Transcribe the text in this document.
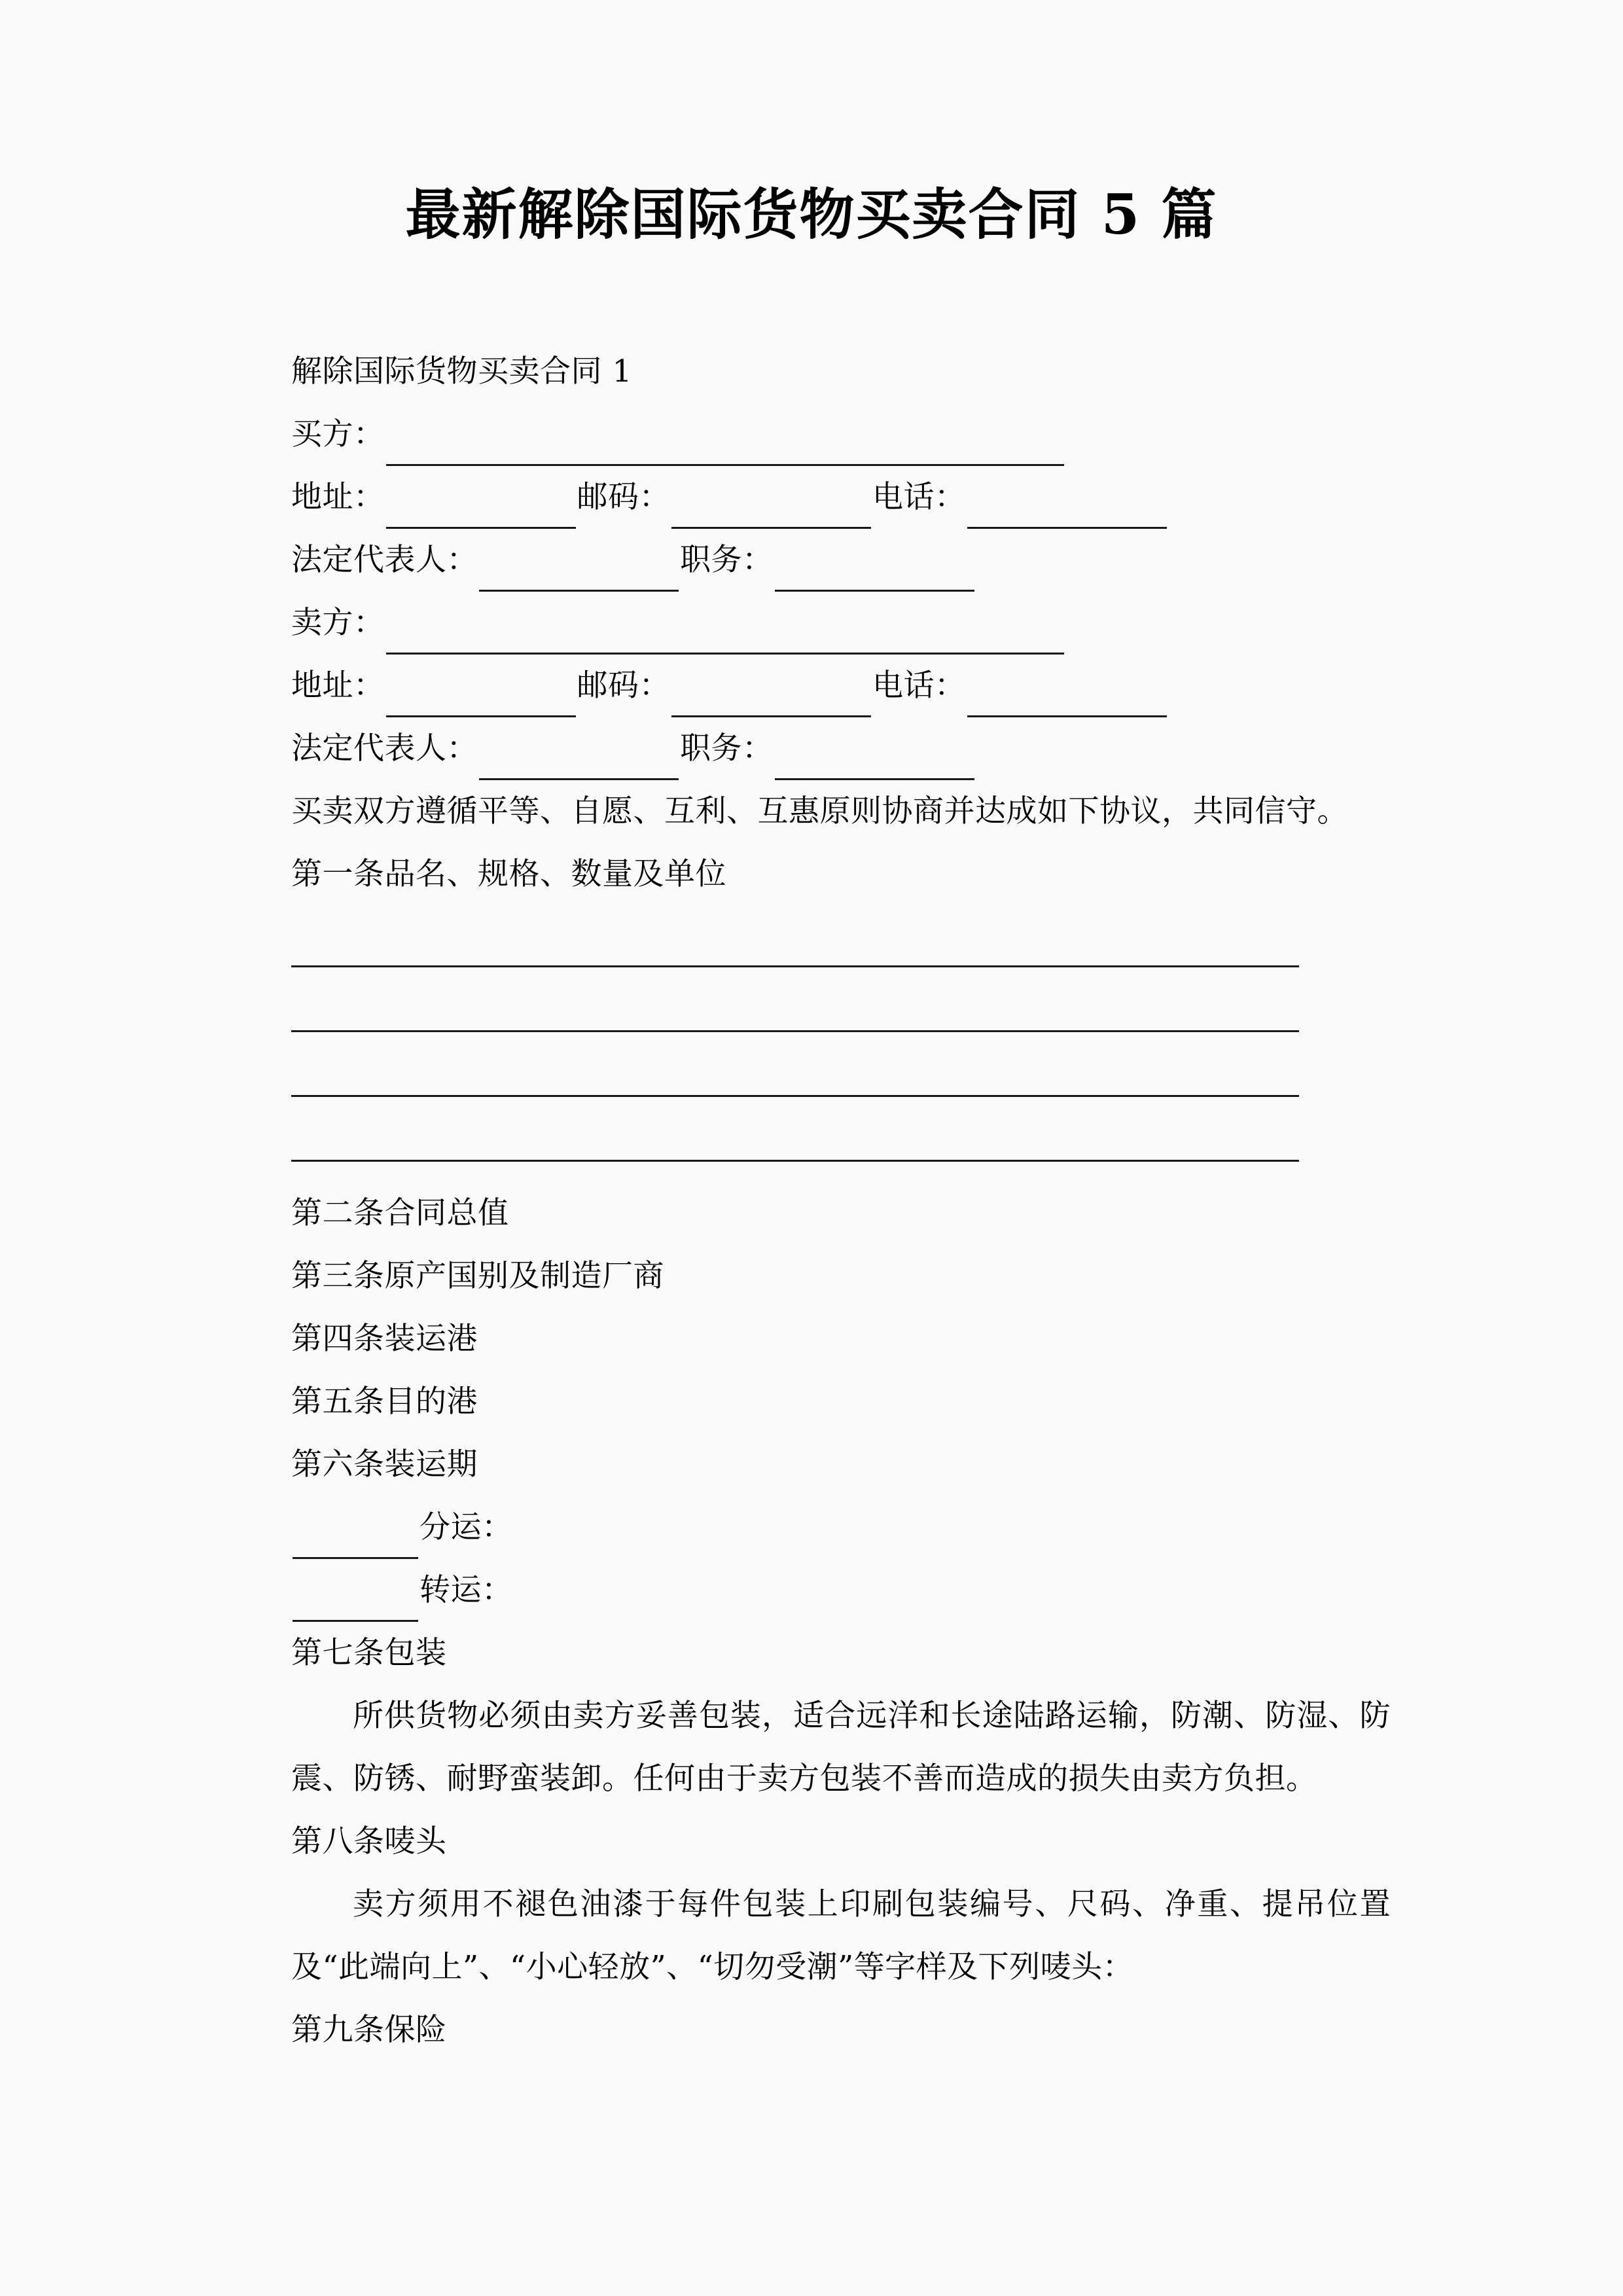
最新解除国际货物买卖合同 5 篇
解除国际货物买卖合同 1
买方：
地址：	邮码：	电话：
法定代表人：	职务：
卖方：
地址：	邮码：	电话：
法定代表人：	职务：
买卖双方遵循平等、自愿、互利、互惠原则协商并达成如下协议，共同信守。
第一条品名、规格、数量及单位
第二条合同总值
第三条原产国别及制造厂商
第四条装运港
第五条目的港
第六条装运期
分运：
转运：
第七条包装
所供货物必须由卖方妥善包装，适合远洋和长途陆路运输，防潮、防湿、防震、防锈、耐野蛮装卸。任何由于卖方包装不善而造成的损失由卖方负担。
第八条唛头
卖方须用不褪色油漆于每件包装上印刷包装编号、尺码、净重、提吊位置及“此端向上”、“小心轻放”、“切勿受潮”等字样及下列唛头：
第九条保险
